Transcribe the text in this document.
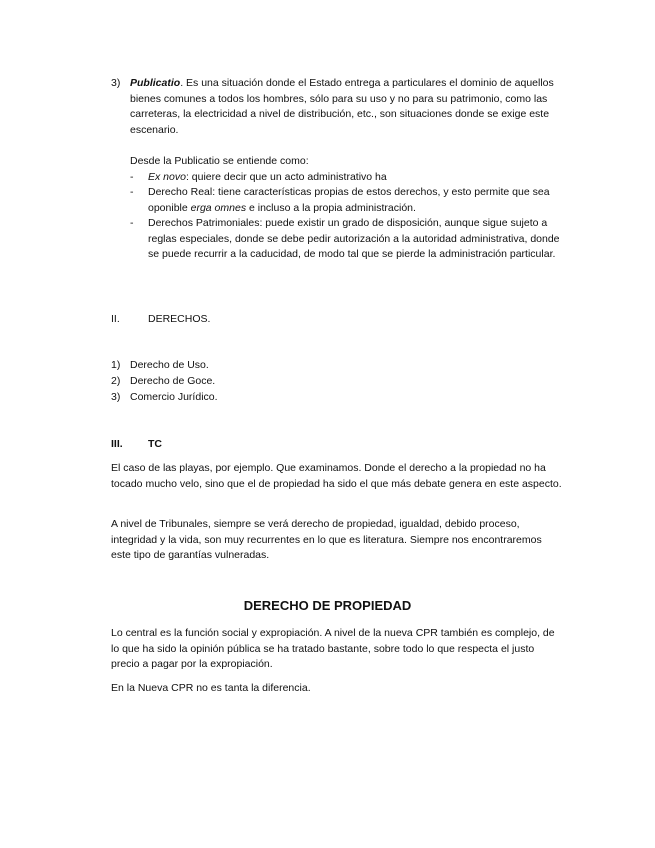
3) Publicatio. Es una situación donde el Estado entrega a particulares el dominio de aquellos bienes comunes a todos los hombres, sólo para su uso y no para su patrimonio, como las carreteras, la electricidad a nivel de distribución, etc., son situaciones donde se exige este escenario.
Desde la Publicatio se entiende como:
- Ex novo: quiere decir que un acto administrativo ha
- Derecho Real: tiene características propias de estos derechos, y esto permite que sea oponible erga omnes e incluso a la propia administración.
- Derechos Patrimoniales: puede existir un grado de disposición, aunque sigue sujeto a reglas especiales, donde se debe pedir autorización a la autoridad administrativa, donde se puede recurrir a la caducidad, de modo tal que se pierde la administración particular.
II.	DERECHOS.
1) Derecho de Uso.
2) Derecho de Goce.
3) Comercio Jurídico.
III. TC
El caso de las playas, por ejemplo. Que examinamos. Donde el derecho a la propiedad no ha tocado mucho velo, sino que el de propiedad ha sido el que más debate genera en este aspecto.
A nivel de Tribunales, siempre se verá derecho de propiedad, igualdad, debido proceso, integridad y la vida, son muy recurrentes en lo que es literatura. Siempre nos encontraremos este tipo de garantías vulneradas.
DERECHO DE PROPIEDAD
Lo central es la función social y expropiación. A nivel de la nueva CPR también es complejo, de lo que ha sido la opinión pública se ha tratado bastante, sobre todo lo que respecta el justo precio a pagar por la expropiación.
En la Nueva CPR no es tanta la diferencia.
